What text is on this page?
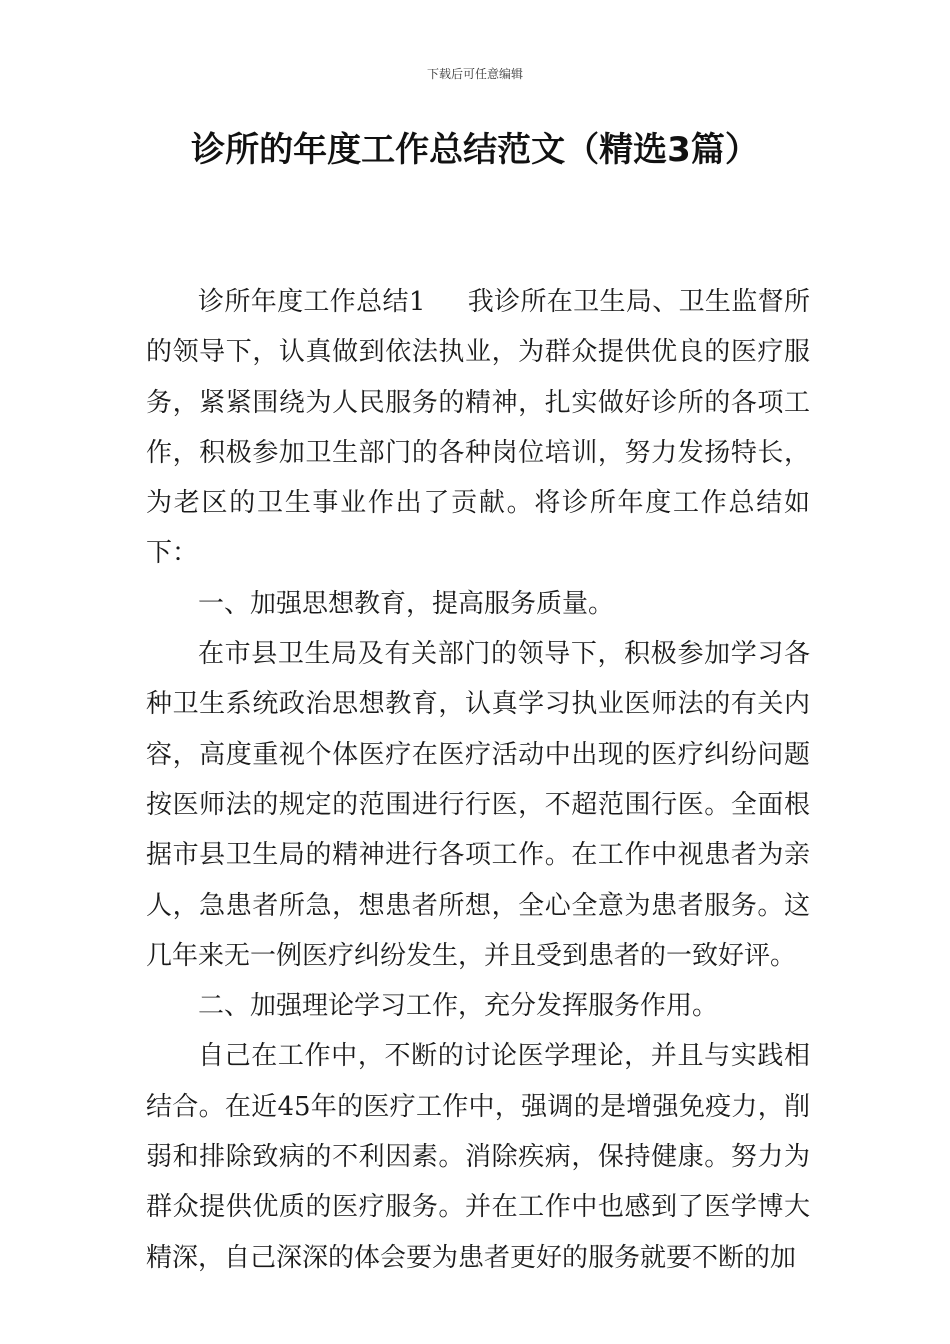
下载后可任意编辑
诊所的年度工作总结范文（精选3篇）

诊所年度工作总结1 我诊所在卫生局、卫生监督所的领导下，认真做到依法执业，为群众提供优良的医疗服务，紧紧围绕为人民服务的精神，扎实做好诊所的各项工作，积极参加卫生部门的各种岗位培训，努力发扬特长，为老区的卫生事业作出了贡献。将诊所年度工作总结如下：

一、加强思想教育，提高服务质量。

在市县卫生局及有关部门的领导下，积极参加学习各种卫生系统政治思想教育，认真学习执业医师法的有关内容，高度重视个体医疗在医疗活动中出现的医疗纠纷问题按医师法的规定的范围进行行医，不超范围行医。全面根据市县卫生局的精神进行各项工作。在工作中视患者为亲人，急患者所急，想患者所想，全心全意为患者服务。这几年来无一例医疗纠纷发生，并且受到患者的一致好评。

二、加强理论学习工作，充分发挥服务作用。

自己在工作中，不断的讨论医学理论，并且与实践相结合。在近45年的医疗工作中，强调的是增强免疫力，削弱和排除致病的不利因素。消除疾病，保持健康。努力为群众提供优质的医疗服务。并在工作中也感到了医学博大精深，自己深深的体会要为患者更好的服务就要不断的加
